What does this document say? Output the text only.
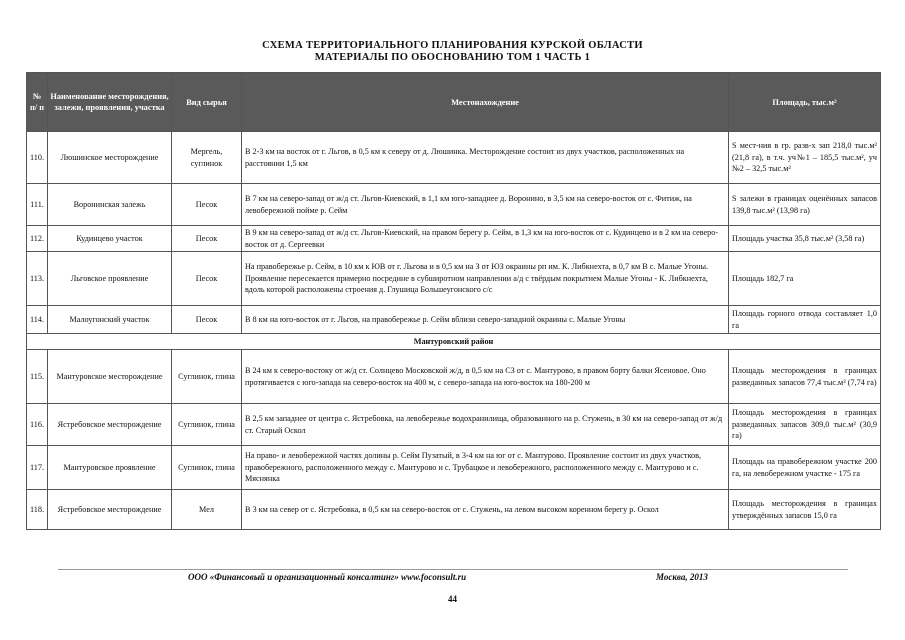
СХЕМА ТЕРРИТОРИАЛЬНОГО ПЛАНИРОВАНИЯ КУРСКОЙ ОБЛАСТИ
МАТЕРИАЛЫ ПО ОБОСНОВАНИЮ ТОМ 1 ЧАСТЬ 1
№ п/ п	Наименование месторождения, залежи, проявления, участка	Вид сырья	Местонахождение	Площадь, тыс.м²
110.	Люшинское месторождение	Мергель, суглинок	В 2-3 км на восток от г. Льгов, в 0,5 км к северу от д. Люшинка. Месторождение состоит из двух участков, расположенных на расстоянии 1,5 км	S мест-ния в гр. разв-х зап 218,0 тыс.м² (21,8 га), в т.ч. уч№1 – 185,5 тыс.м², уч №2 – 32,5 тыс.м²
111.	Воронинская залежь	Песок	В 7 км на северо-запад от ж/д ст. Льгов-Киевский, в 1,1 км юго-западнее д. Воронино, в 3,5 км на северо-восток от с. Фитиж, на левобережной пойме р. Сейм	S залежи в границах оценённых запасов 139,8 тыс.м² (13,98 га)
112.	Кудинцево участок	Песок	В 9 км на северо-запад от ж/д ст. Льгов-Киевский, на правом берегу р. Сейм, в 1,3 км на юго-восток от с. Кудинцево и в 2 км на северо-восток от д. Сергеевки	Площадь участка 35,8 тыс.м² (3,58 га)
113.	Льговское проявление	Песок	На правобережье р. Сейм, в 10 км к ЮВ от г. Льгова и в 0,5 км на З от ЮЗ окраины рп им. К. Либкнехта, в 0,7 км В с. Малые Угоны. Проявление пересекается примерно посредине в субширотном направлении а/д с твёрдым покрытием Малые Угоны - К. Либкнехта, вдоль которой расположены строения д. Глушица Большеугонского с/с	Площадь 182,7 га
114.	Малоугонский участок	Песок	В 8 км на юго-восток от г. Льгов, на правобережье р. Сейм вблизи северо-западной окраины с. Малые Угоны	Площадь горного отвода составляет 1,0 га
Мантуровский район				
115.	Мантуровское месторождение	Суглинок, глина	В 24 км к северо-востоку от ж/д ст. Солнцево Московской ж/д, в 0,5 км на СЗ от с. Мантурово, в правом борту балки Ясеновое. Оно протягивается с юго-запада на северо-восток на 400 м, с северо-запада на юго-восток на 180-200 м	Площадь месторождения в границах разведанных запасов 77,4 тыс.м² (7,74 га)
116.	Ястребовское месторождение	Суглинок, глина	В 2,5 км западнее от центра с. Ястребовка, на левобережье водохранилища, образованного на р. Стужень, в 30 км на северо-запад от ж/д ст. Старый Оскол	Площадь месторождения в границах разведанных запасов 309,0 тыс.м² (30,9 га)
117.	Мантуровское проявление	Суглинок, глина	На право- и левобережной частях долины р. Сейм Пузатый, в 3-4 км на юг от с. Мантурово. Проявление состоит из двух участков, правобережного, расположенного между с. Мантурово и с. Трубацкое и левобережного, расположенного между с. Мантурово и с. Мяснянка	Площадь на правобережном участке 200 га, на левобережном участке - 175 га
118.	Ястребовское месторождение	Мел	В 3 км на север от с. Ястребовка, в 0,5 км на северо-восток от с. Стужень, на левом высоком коренном берегу р. Оскол	Площадь месторождения в границах утверждённых запасов 15,0 га
ООО «Финансовый и организационный консалтинг» www.foconsult.ru	Москва, 2013
44
